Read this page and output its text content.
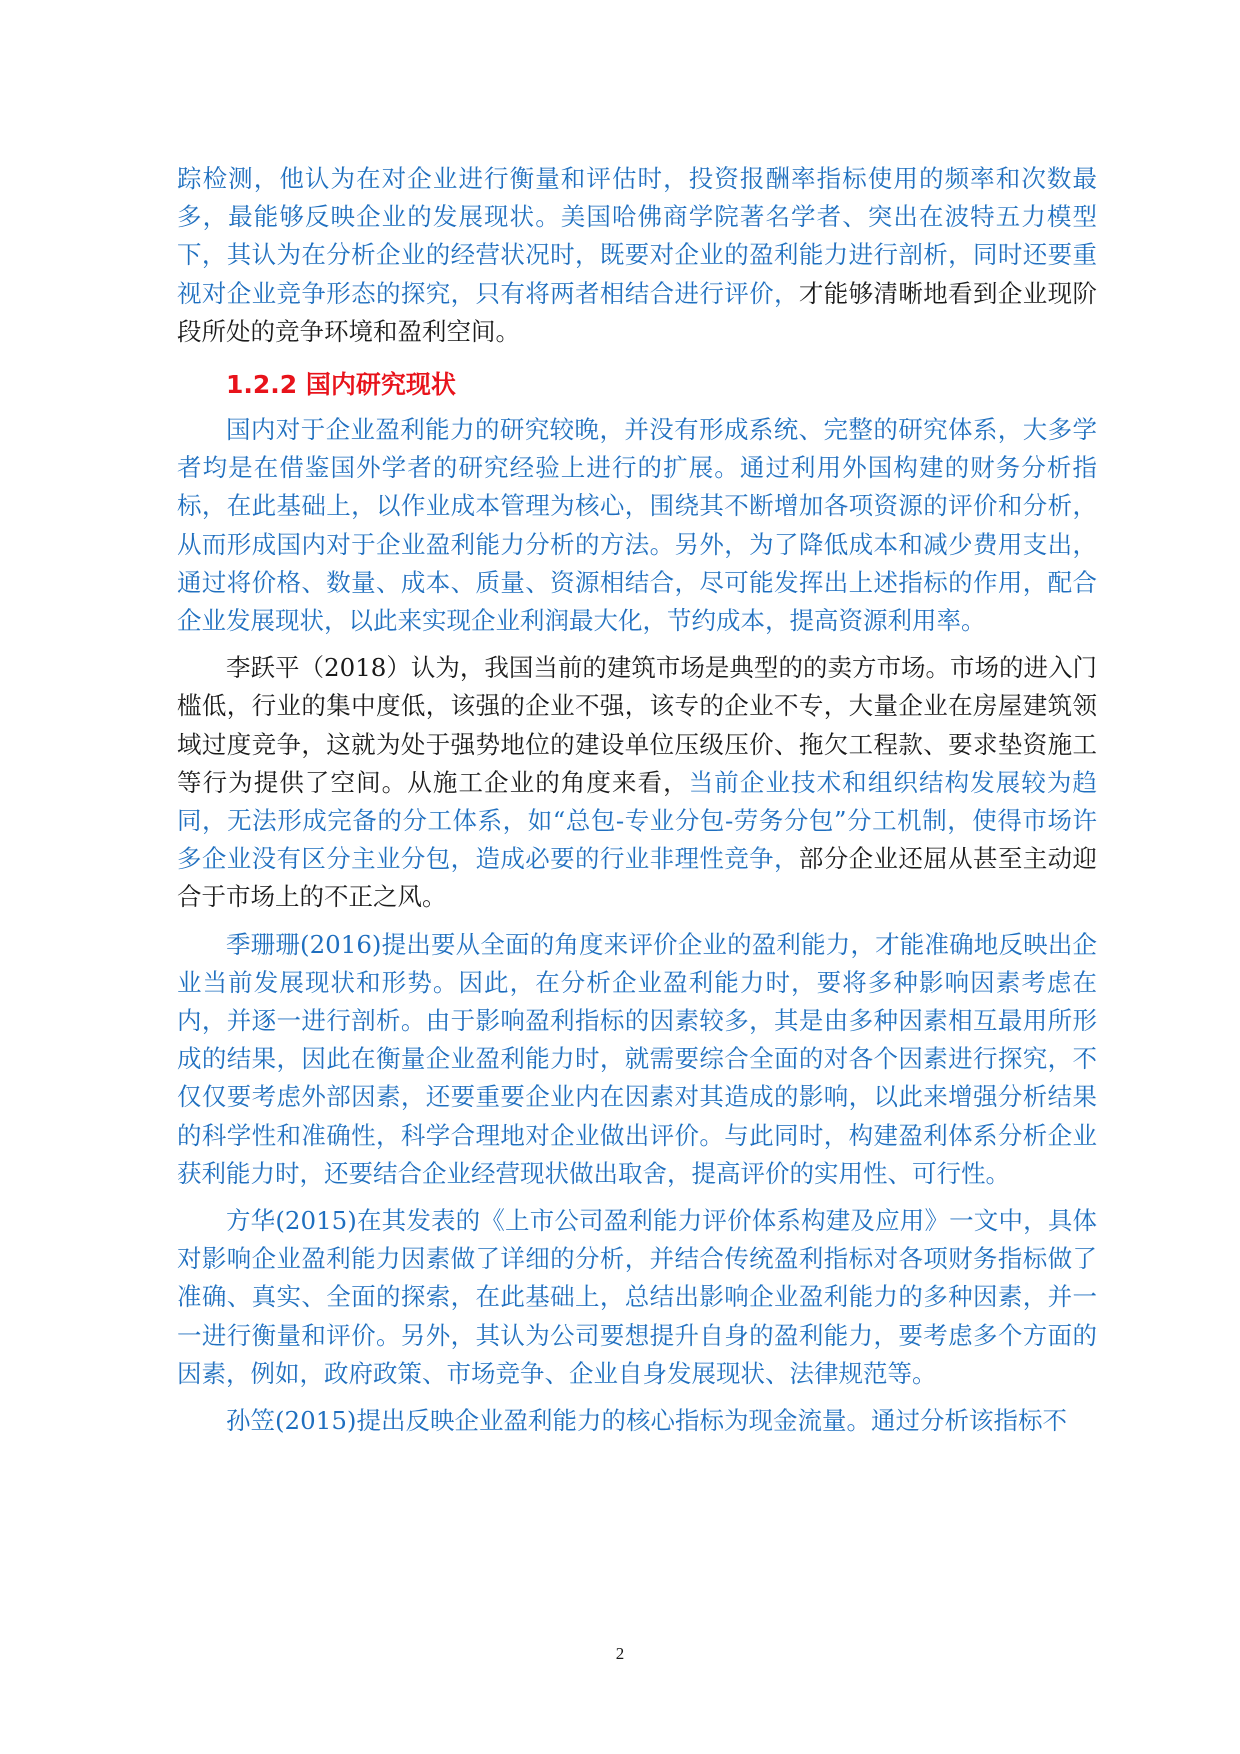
踪检测，他认为在对企业进行衡量和评估时，投资报酬率指标使用的频率和次数最多，最能够反映企业的发展现状。美国哈佛商学院著名学者、突出在波特五力模型下，其认为在分析企业的经营状况时，既要对企业的盈利能力进行剖析，同时还要重视对企业竞争形态的探究，只有将两者相结合进行评价，才能够清晰地看到企业现阶段所处的竞争环境和盈利空间。

1.2.2 国内研究现状

国内对于企业盈利能力的研究较晚，并没有形成系统、完整的研究体系，大多学者均是在借鉴国外学者的研究经验上进行的扩展。通过利用外国构建的财务分析指标，在此基础上，以作业成本管理为核心，围绕其不断增加各项资源的评价和分析，从而形成国内对于企业盈利能力分析的方法。另外，为了降低成本和减少费用支出，通过将价格、数量、成本、质量、资源相结合，尽可能发挥出上述指标的作用，配合企业发展现状，以此来实现企业利润最大化，节约成本，提高资源利用率。

李跃平（2018）认为，我国当前的建筑市场是典型的的卖方市场。市场的进入门槛低，行业的集中度低，该强的企业不强，该专的企业不专，大量企业在房屋建筑领域过度竞争，这就为处于强势地位的建设单位压级压价、拖欠工程款、要求垫资施工等行为提供了空间。从施工企业的角度来看，当前企业技术和组织结构发展较为趋同，无法形成完备的分工体系，如“总包-专业分包-劳务分包”分工机制，使得市场许多企业没有区分主业分包，造成必要的行业非理性竞争，部分企业还屈从甚至主动迎合于市场上的不正之风。

季珊珊(2016)提出要从全面的角度来评价企业的盈利能力，才能准确地反映出企业当前发展现状和形势。因此，在分析企业盈利能力时，要将多种影响因素考虑在内，并逐一进行剖析。由于影响盈利指标的因素较多，其是由多种因素相互最用所形成的结果，因此在衡量企业盈利能力时，就需要综合全面的对各个因素进行探究，不仅仅要考虑外部因素，还要重要企业内在因素对其造成的影响，以此来增强分析结果的科学性和准确性，科学合理地对企业做出评价。与此同时，构建盈利体系分析企业获利能力时，还要结合企业经营现状做出取舍，提高评价的实用性、可行性。

方华(2015)在其发表的《上市公司盈利能力评价体系构建及应用》一文中，具体对影响企业盈利能力因素做了详细的分析，并结合传统盈利指标对各项财务指标做了准确、真实、全面的探索，在此基础上，总结出影响企业盈利能力的多种因素，并一一进行衡量和评价。另外，其认为公司要想提升自身的盈利能力，要考虑多个方面的因素，例如，政府政策、市场竞争、企业自身发展现状、法律规范等。

孙笠(2015)提出反映企业盈利能力的核心指标为现金流量。通过分析该指标不

2
